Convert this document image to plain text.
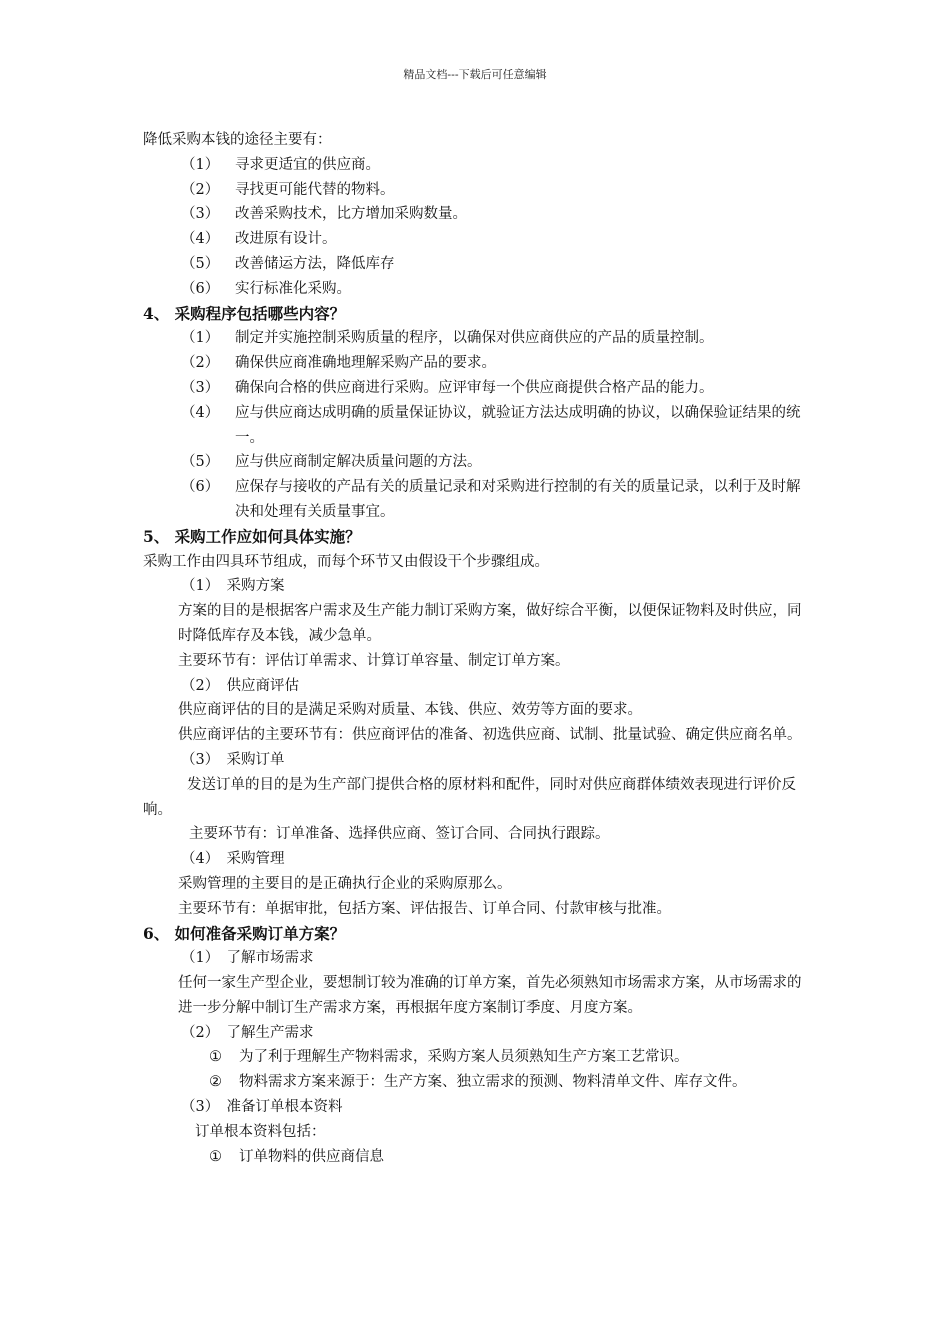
精品文档---下载后可任意编辑
降低采购本钱的途径主要有：
（1）	寻求更适宜的供应商。
（2）	寻找更可能代替的物料。
（3）	改善采购技术，比方增加采购数量。
（4）	改进原有设计。
（5）	改善储运方法，降低库存
（6）	实行标准化采购。
4、 采购程序包括哪些内容？
（1）	制定并实施控制采购质量的程序，以确保对供应商供应的产品的质量控制。
（2）	确保供应商准确地理解采购产品的要求。
（3）	确保向合格的供应商进行采购。应评审每一个供应商提供合格产品的能力。
（4）	应与供应商达成明确的质量保证协议，就验证方法达成明确的协议，以确保验证结果的统一。
（5）	应与供应商制定解决质量问题的方法。
（6）	应保存与接收的产品有关的质量记录和对采购进行控制的有关的质量记录，以利于及时解决和处理有关质量事宜。
5、 采购工作应如何具体实施？
采购工作由四具环节组成，而每个环节又由假设干个步骤组成。
（1）　采购方案
方案的目的是根据客户需求及生产能力制订采购方案，做好综合平衡，以便保证物料及时供应，同时降低库存及本钱，减少急单。
主要环节有：评估订单需求、计算订单容量、制定订单方案。
（2）　供应商评估
供应商评估的目的是满足采购对质量、本钱、供应、效劳等方面的要求。
供应商评估的主要环节有：供应商评估的准备、初选供应商、试制、批量试验、确定供应商名单。
（3）　采购订单
发送订单的目的是为生产部门提供合格的原材料和配件，同时对供应商群体绩效表现进行评价反响。
主要环节有：订单准备、选择供应商、签订合同、合同执行跟踪。
（4）　采购管理
采购管理的主要目的是正确执行企业的采购原那么。
主要环节有：单据审批，包括方案、评估报告、订单合同、付款审核与批准。
6、 如何准备采购订单方案？
（1）　了解市场需求
任何一家生产型企业，要想制订较为准确的订单方案，首先必须熟知市场需求方案，从市场需求的进一步分解中制订生产需求方案，再根据年度方案制订季度、月度方案。
（2）　了解生产需求
①	为了利于理解生产物料需求，采购方案人员须熟知生产方案工艺常识。
②	物料需求方案来源于：生产方案、独立需求的预测、物料清单文件、库存文件。
（3）　准备订单根本资料
订单根本资料包括：
①	订单物料的供应商信息
